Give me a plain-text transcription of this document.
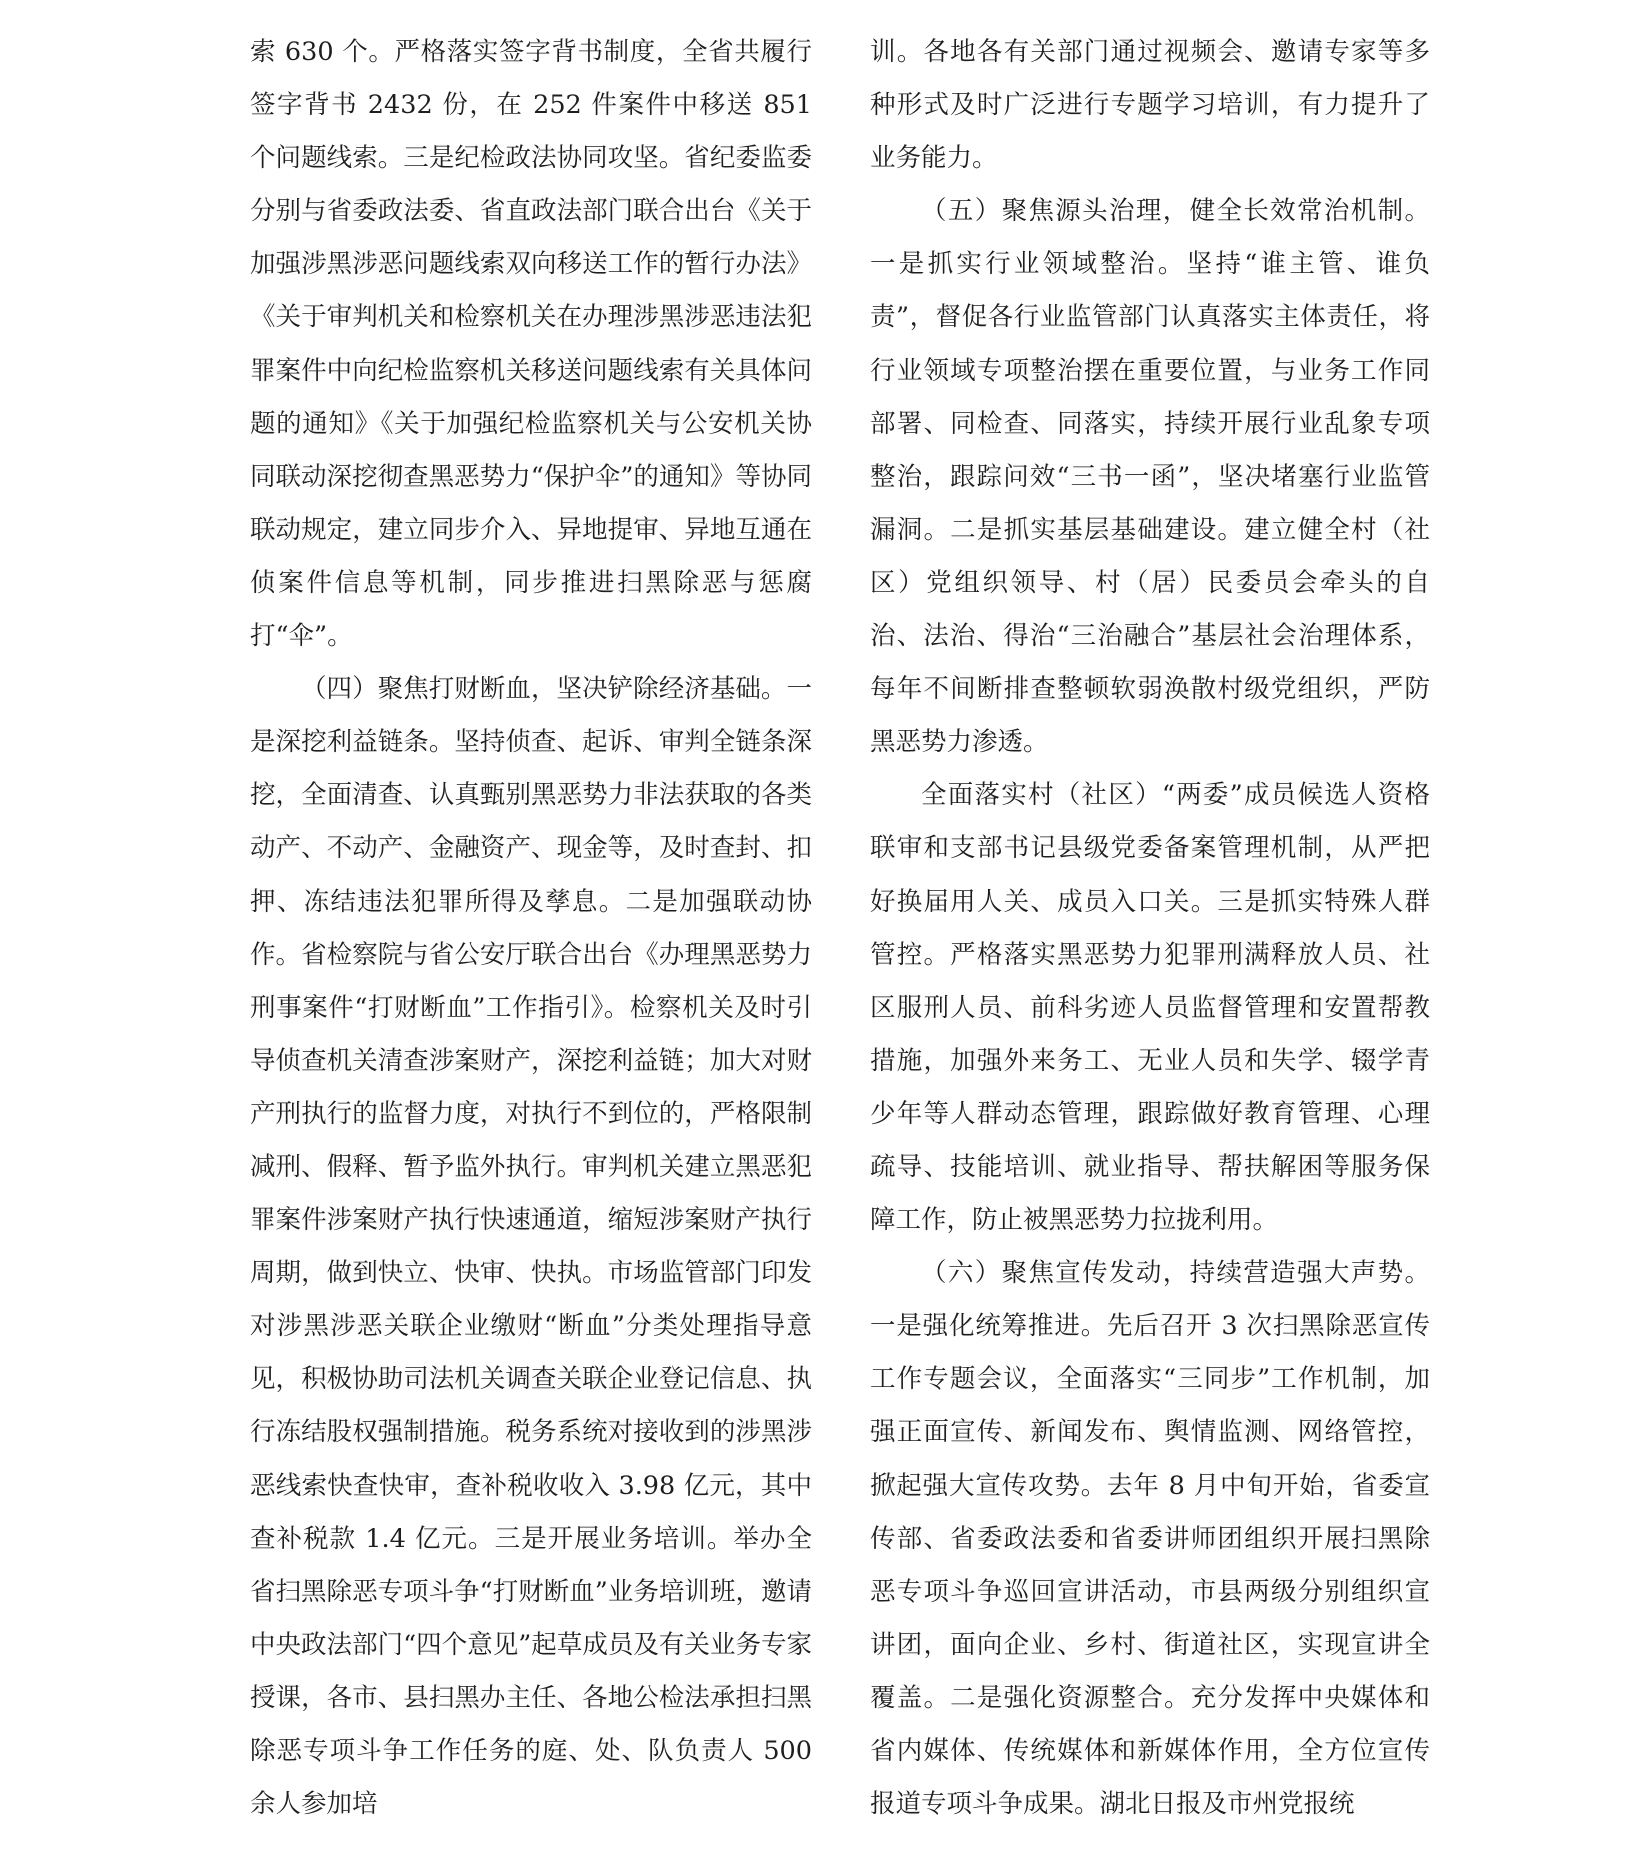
索 630 个。严格落实签字背书制度，全省共履行签字背书 2432 份，在 252 件案件中移送 851 个问题线索。三是纪检政法协同攻坚。省纪委监委分别与省委政法委、省直政法部门联合出台《关于加强涉黑涉恶问题线索双向移送工作的暂行办法》《关于审判机关和检察机关在办理涉黑涉恶违法犯罪案件中向纪检监察机关移送问题线索有关具体问题的通知》《关于加强纪检监察机关与公安机关协同联动深挖彻查黑恶势力“保护伞”的通知》等协同联动规定，建立同步介入、异地提审、异地互通在侦案件信息等机制，同步推进扫黑除恶与惩腐打“伞”。

（四）聚焦打财断血，坚决铲除经济基础。一是深挖利益链条。坚持侦查、起诉、审判全链条深挖，全面清查、认真甄别黑恶势力非法获取的各类动产、不动产、金融资产、现金等，及时查封、扣押、冻结违法犯罪所得及孳息。二是加强联动协作。省检察院与省公安厅联合出台《办理黑恶势力刑事案件“打财断血”工作指引》。检察机关及时引导侦查机关清查涉案财产，深挖利益链；加大对财产刑执行的监督力度，对执行不到位的，严格限制减刑、假释、暂予监外执行。审判机关建立黑恶犯罪案件涉案财产执行快速通道，缩短涉案财产执行周期，做到快立、快审、快执。市场监管部门印发对涉黑涉恶关联企业缴财“断血”分类处理指导意见，积极协助司法机关调查关联企业登记信息、执行冻结股权强制措施。税务系统对接收到的涉黑涉恶线索快查快审，查补税收收入 3.98 亿元，其中查补税款 1.4 亿元。三是开展业务培训。举办全省扫黑除恶专项斗争“打财断血”业务培训班，邀请中央政法部门“四个意见”起草成员及有关业务专家授课，各市、县扫黑办主任、各地公检法承担扫黑除恶专项斗争工作任务的庭、处、队负责人 500 余人参加培

训。各地各有关部门通过视频会、邀请专家等多种形式及时广泛进行专题学习培训，有力提升了业务能力。

（五）聚焦源头治理，健全长效常治机制。一是抓实行业领域整治。坚持“谁主管、谁负责”，督促各行业监管部门认真落实主体责任，将行业领域专项整治摆在重要位置，与业务工作同部署、同检查、同落实，持续开展行业乱象专项整治，跟踪问效“三书一函”，坚决堵塞行业监管漏洞。二是抓实基层基础建设。建立健全村（社区）党组织领导、村（居）民委员会牵头的自治、法治、得治“三治融合”基层社会治理体系，每年不间断排查整顿软弱涣散村级党组织，严防黑恶势力渗透。

全面落实村（社区）“两委”成员候选人资格联审和支部书记县级党委备案管理机制，从严把好换届用人关、成员入口关。三是抓实特殊人群管控。严格落实黑恶势力犯罪刑满释放人员、社区服刑人员、前科劣迹人员监督管理和安置帮教措施，加强外来务工、无业人员和失学、辍学青少年等人群动态管理，跟踪做好教育管理、心理疏导、技能培训、就业指导、帮扶解困等服务保障工作，防止被黑恶势力拉拢利用。

（六）聚焦宣传发动，持续营造强大声势。一是强化统筹推进。先后召开 3 次扫黑除恶宣传工作专题会议，全面落实“三同步”工作机制，加强正面宣传、新闻发布、舆情监测、网络管控，掀起强大宣传攻势。去年 8 月中旬开始，省委宣传部、省委政法委和省委讲师团组织开展扫黑除恶专项斗争巡回宣讲活动，市县两级分别组织宣讲团，面向企业、乡村、街道社区，实现宣讲全覆盖。二是强化资源整合。充分发挥中央媒体和省内媒体、传统媒体和新媒体作用，全方位宣传报道专项斗争成果。湖北日报及市州党报统
